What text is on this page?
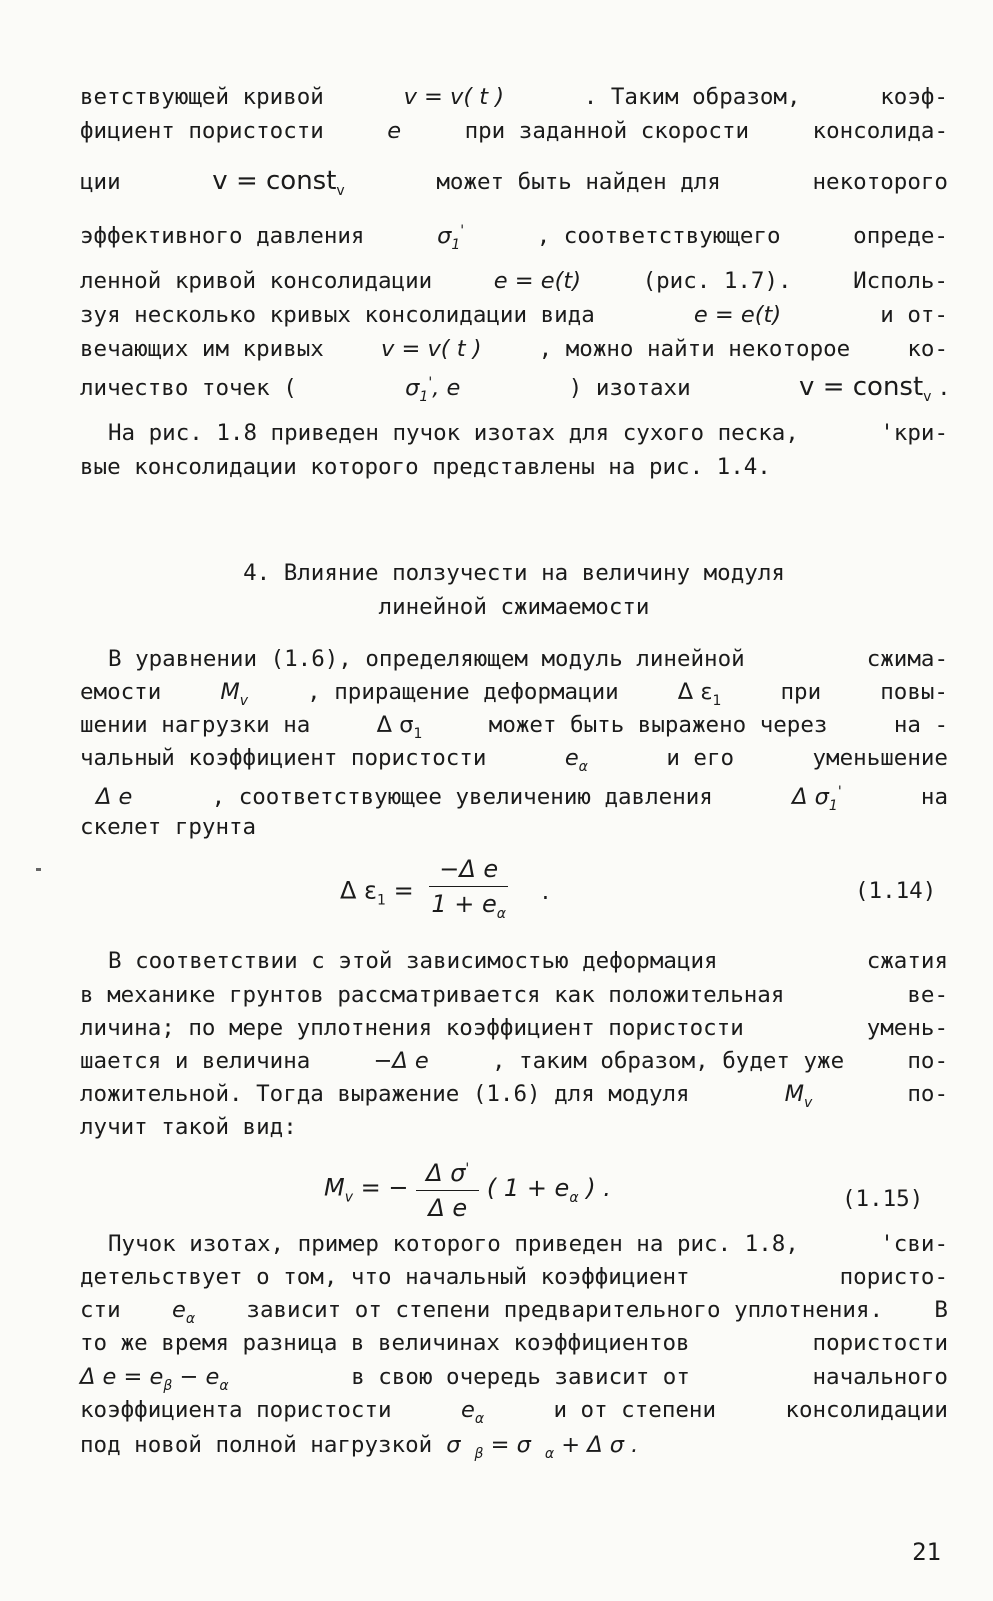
ветствующей кривой	v = v( t )	. Таким образом,	коэф-
фициент пористости	e	при заданной скорости	консолида-
ции	v = const$_v$	может быть найден для	некоторого
эффективного давления	$\sigma_1'$	, соответствующего	опреде-
ленной кривой консолидации	e = e(t)	(рис. 1.7).	Исполь-
зуя несколько кривых консолидации вида	e = e(t)	и от-
вечающих им кривых	v = v( t )	, можно найти некоторое	ко-
личество точек (	$\sigma_1'$, e	) изотахи	v = const$_v$ .
На рис. 1.8 приведен пучок изотах для сухого песка,	'кри-
вые консолидации которого представлены на рис. 1.4.
4. Влияние ползучести на величину модуля
линейной сжимаемости
В уравнении (1.6), определяющем модуль линейной	сжима-
емости	$M_v$	, приращение деформации	Δ $\varepsilon_1$	при	повы-
шении нагрузки на	Δ $\sigma_1$	может быть выражено через	на -
чальный коэффициент пористости	$e_\alpha$	и его	уменьшение
Δ e	, соответствующее увеличению давления	Δ $\sigma_1'$	на
скелет грунта
Δ $\varepsilon_1 = \frac{\text{−Δ e}}{1 + e_\alpha}$ .	(1.14)
В соответствии с этой зависимостью деформация	сжатия
в механике грунтов рассматривается как положительная	ве-
личина; по мере уплотнения коэффициент пористости	умень-
шается и величина	−Δ e	, таким образом, будет уже	по-
ложительной. Тогда выражение (1.6) для модуля	$M_v$	по-
лучит такой вид:
$M_v$ = − $\frac{\Delta \sigma'}{\text{Δ e}}$ ( $1 + e_\alpha$ ) .	(1.15)
Пучок изотах, пример которого приведен на рис. 1.8,	'сви-
детельствует о том, что начальный коэффициент	пористо-
сти $e_\alpha$ зависит от степени предварительного уплотнения. В
то же время разница в величинах коэффициентов	пористости
Δ $e = e_\beta - e_\alpha$	в свою очередь зависит от	начального
коэффициента пористости	$e_\alpha$	и от степени	консолидации
под новой полной нагрузкой σ $_\beta$ = σ $_\alpha$ + Δ σ .
21
